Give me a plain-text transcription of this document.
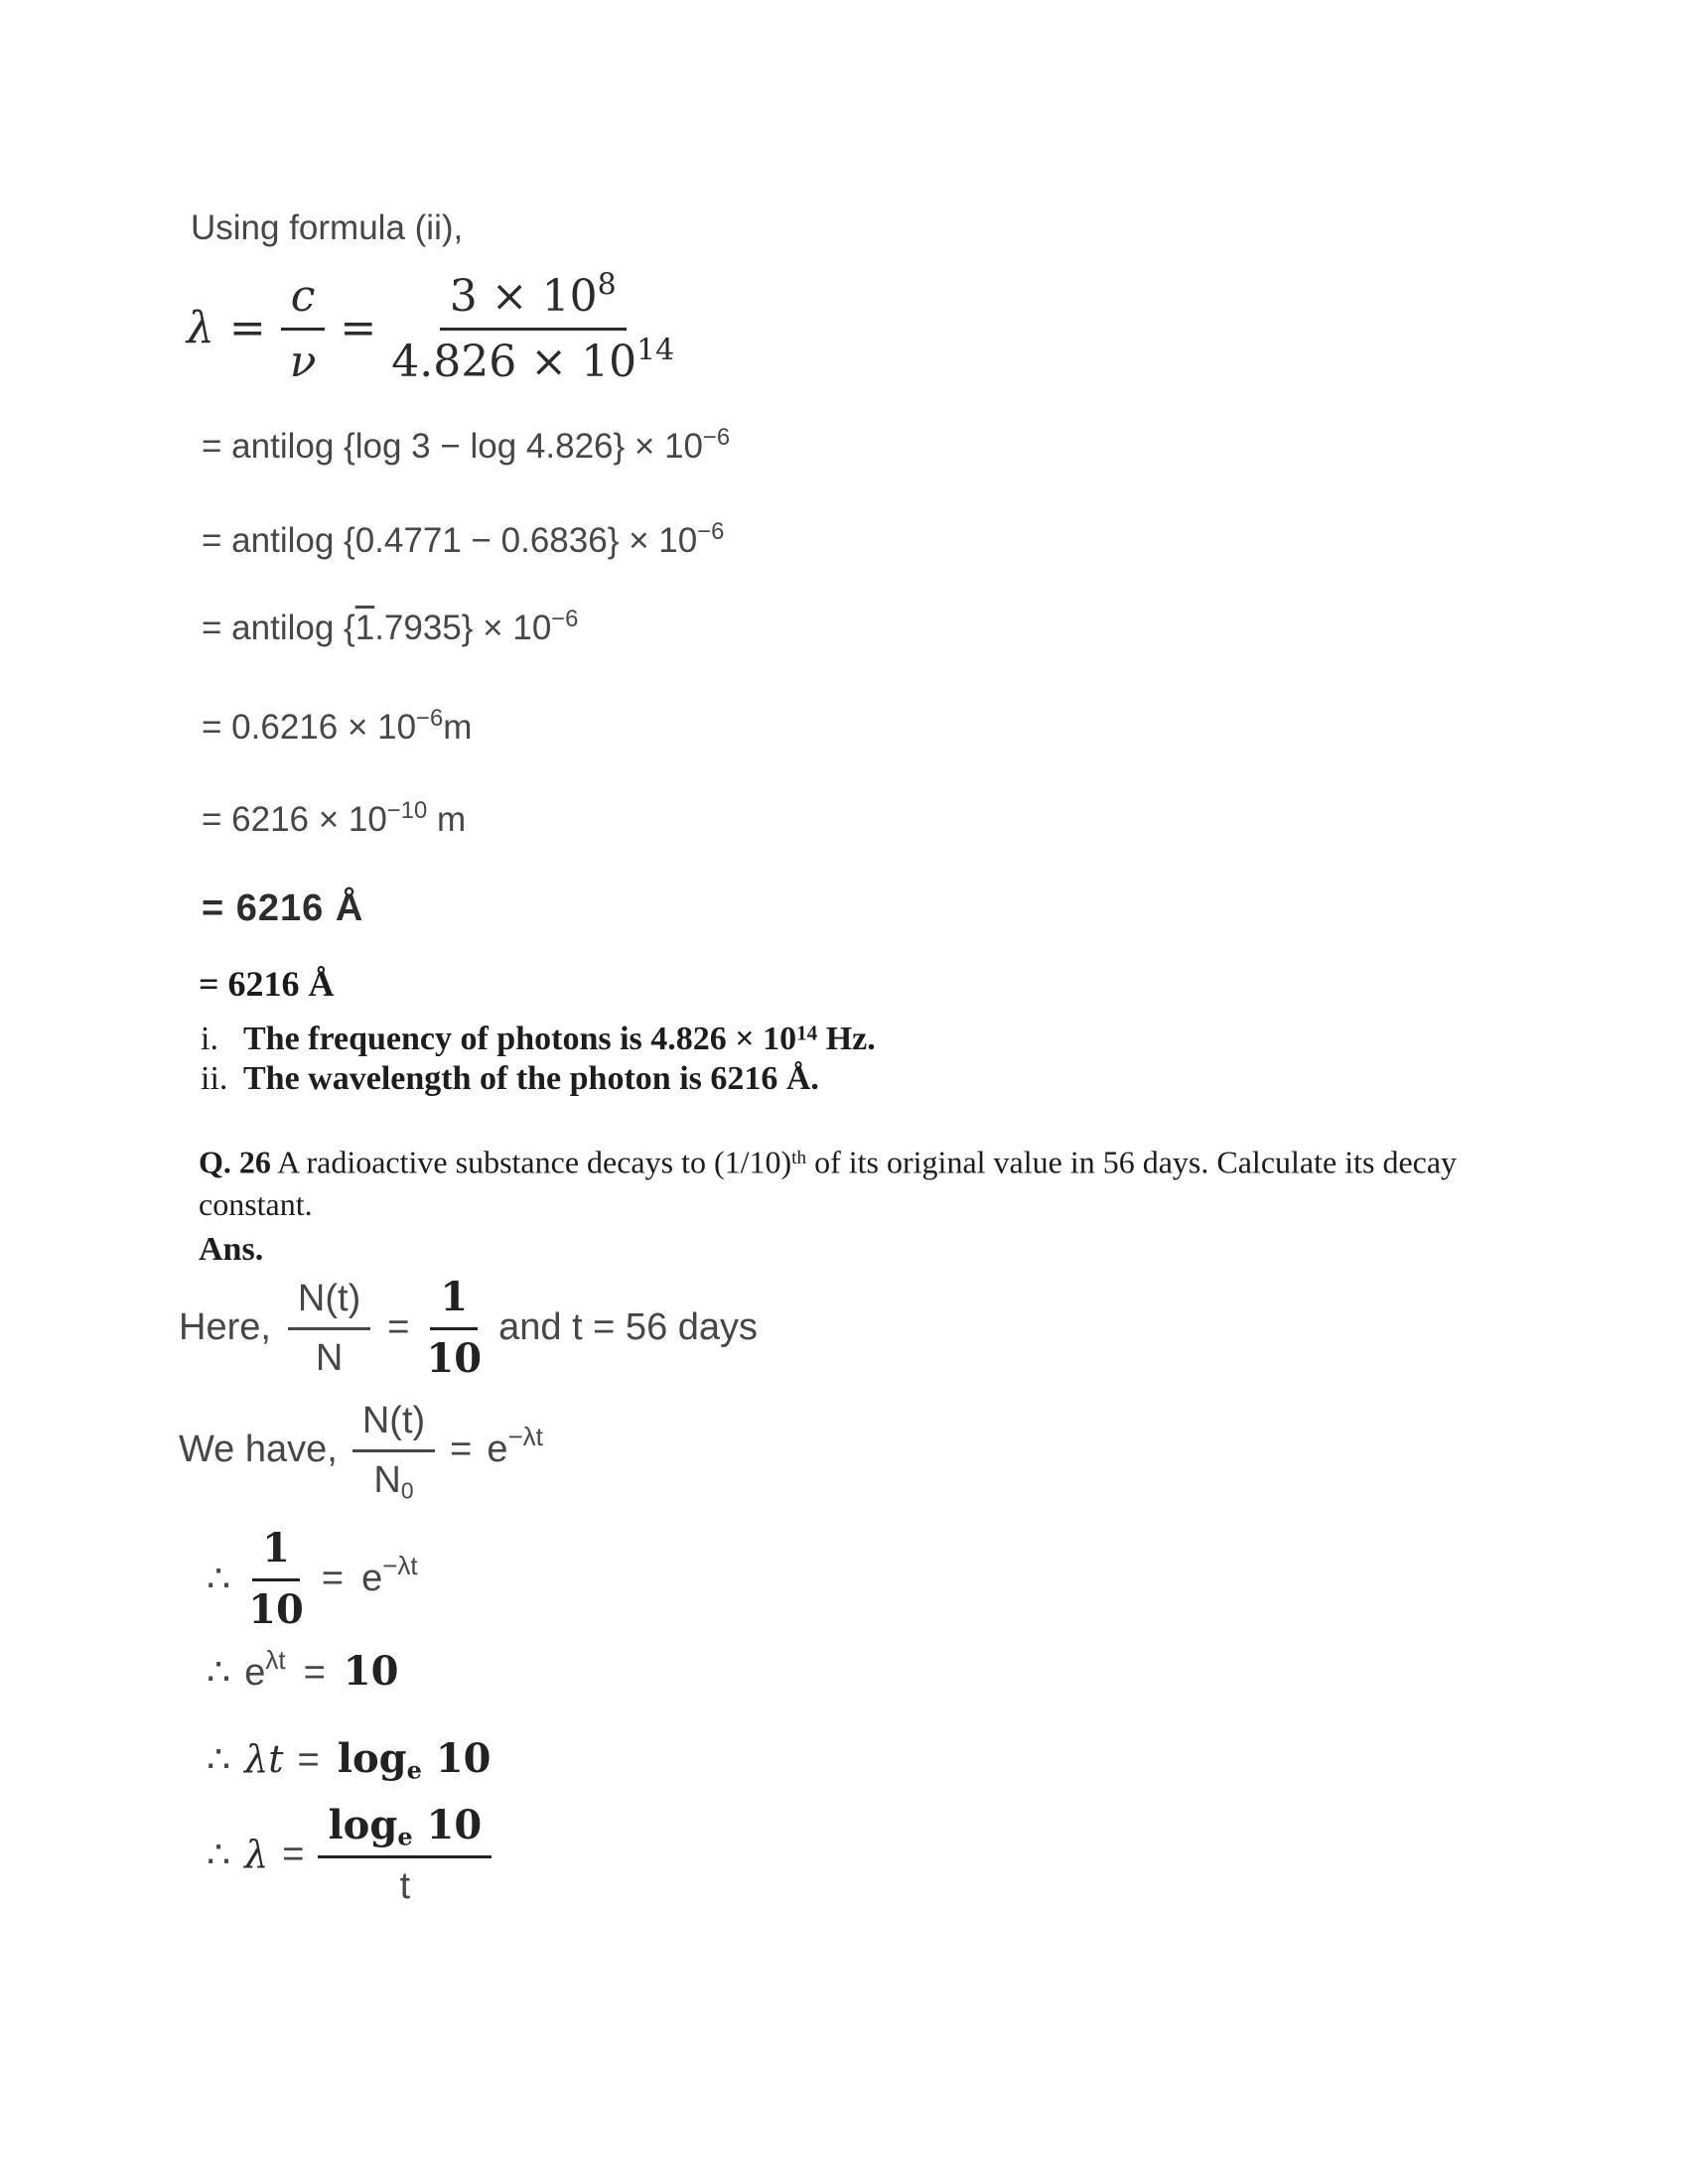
Using formula (ii),
$\lambda = \frac{c}{\nu} = \frac{3 \times 10^8}{4.826 \times 10^{14}}$
= antilog {log $3 - \log 4.826\} \times 10^{-6}$
= antilog $\{0.4771 - 0.6836\} \times 10^{-6}$
= antilog $\{1.7935\} \times 10^{-6}$
= $0.6216 \times 10^{-6}m$
= $6216 \times 10^{-10}$ m
= 6216 Å
= 6216 Å
i. The frequency of photons is $4.826 \times 10^{14}$ Hz.
ii. The wavelength of the photon is 6216 Å.
Q. 26 A radioactive substance decays to $(1/10)^{th}$ of its original value in 56 days. Calculate its decay constant.
Ans.
Here, $\frac{N(t)}{N} = \frac{1}{10}$ and t = 56 days
We have, $\frac{N(t)}{N_0} = e^{-\lambda t}$
∴ $\frac{1}{10} = e^{-\lambda t}$
∴ $e^{\lambda t} = 10$
∴ $\lambda t = \log_e 10$
∴ $\lambda = \frac{\log_e 10}{t}$
